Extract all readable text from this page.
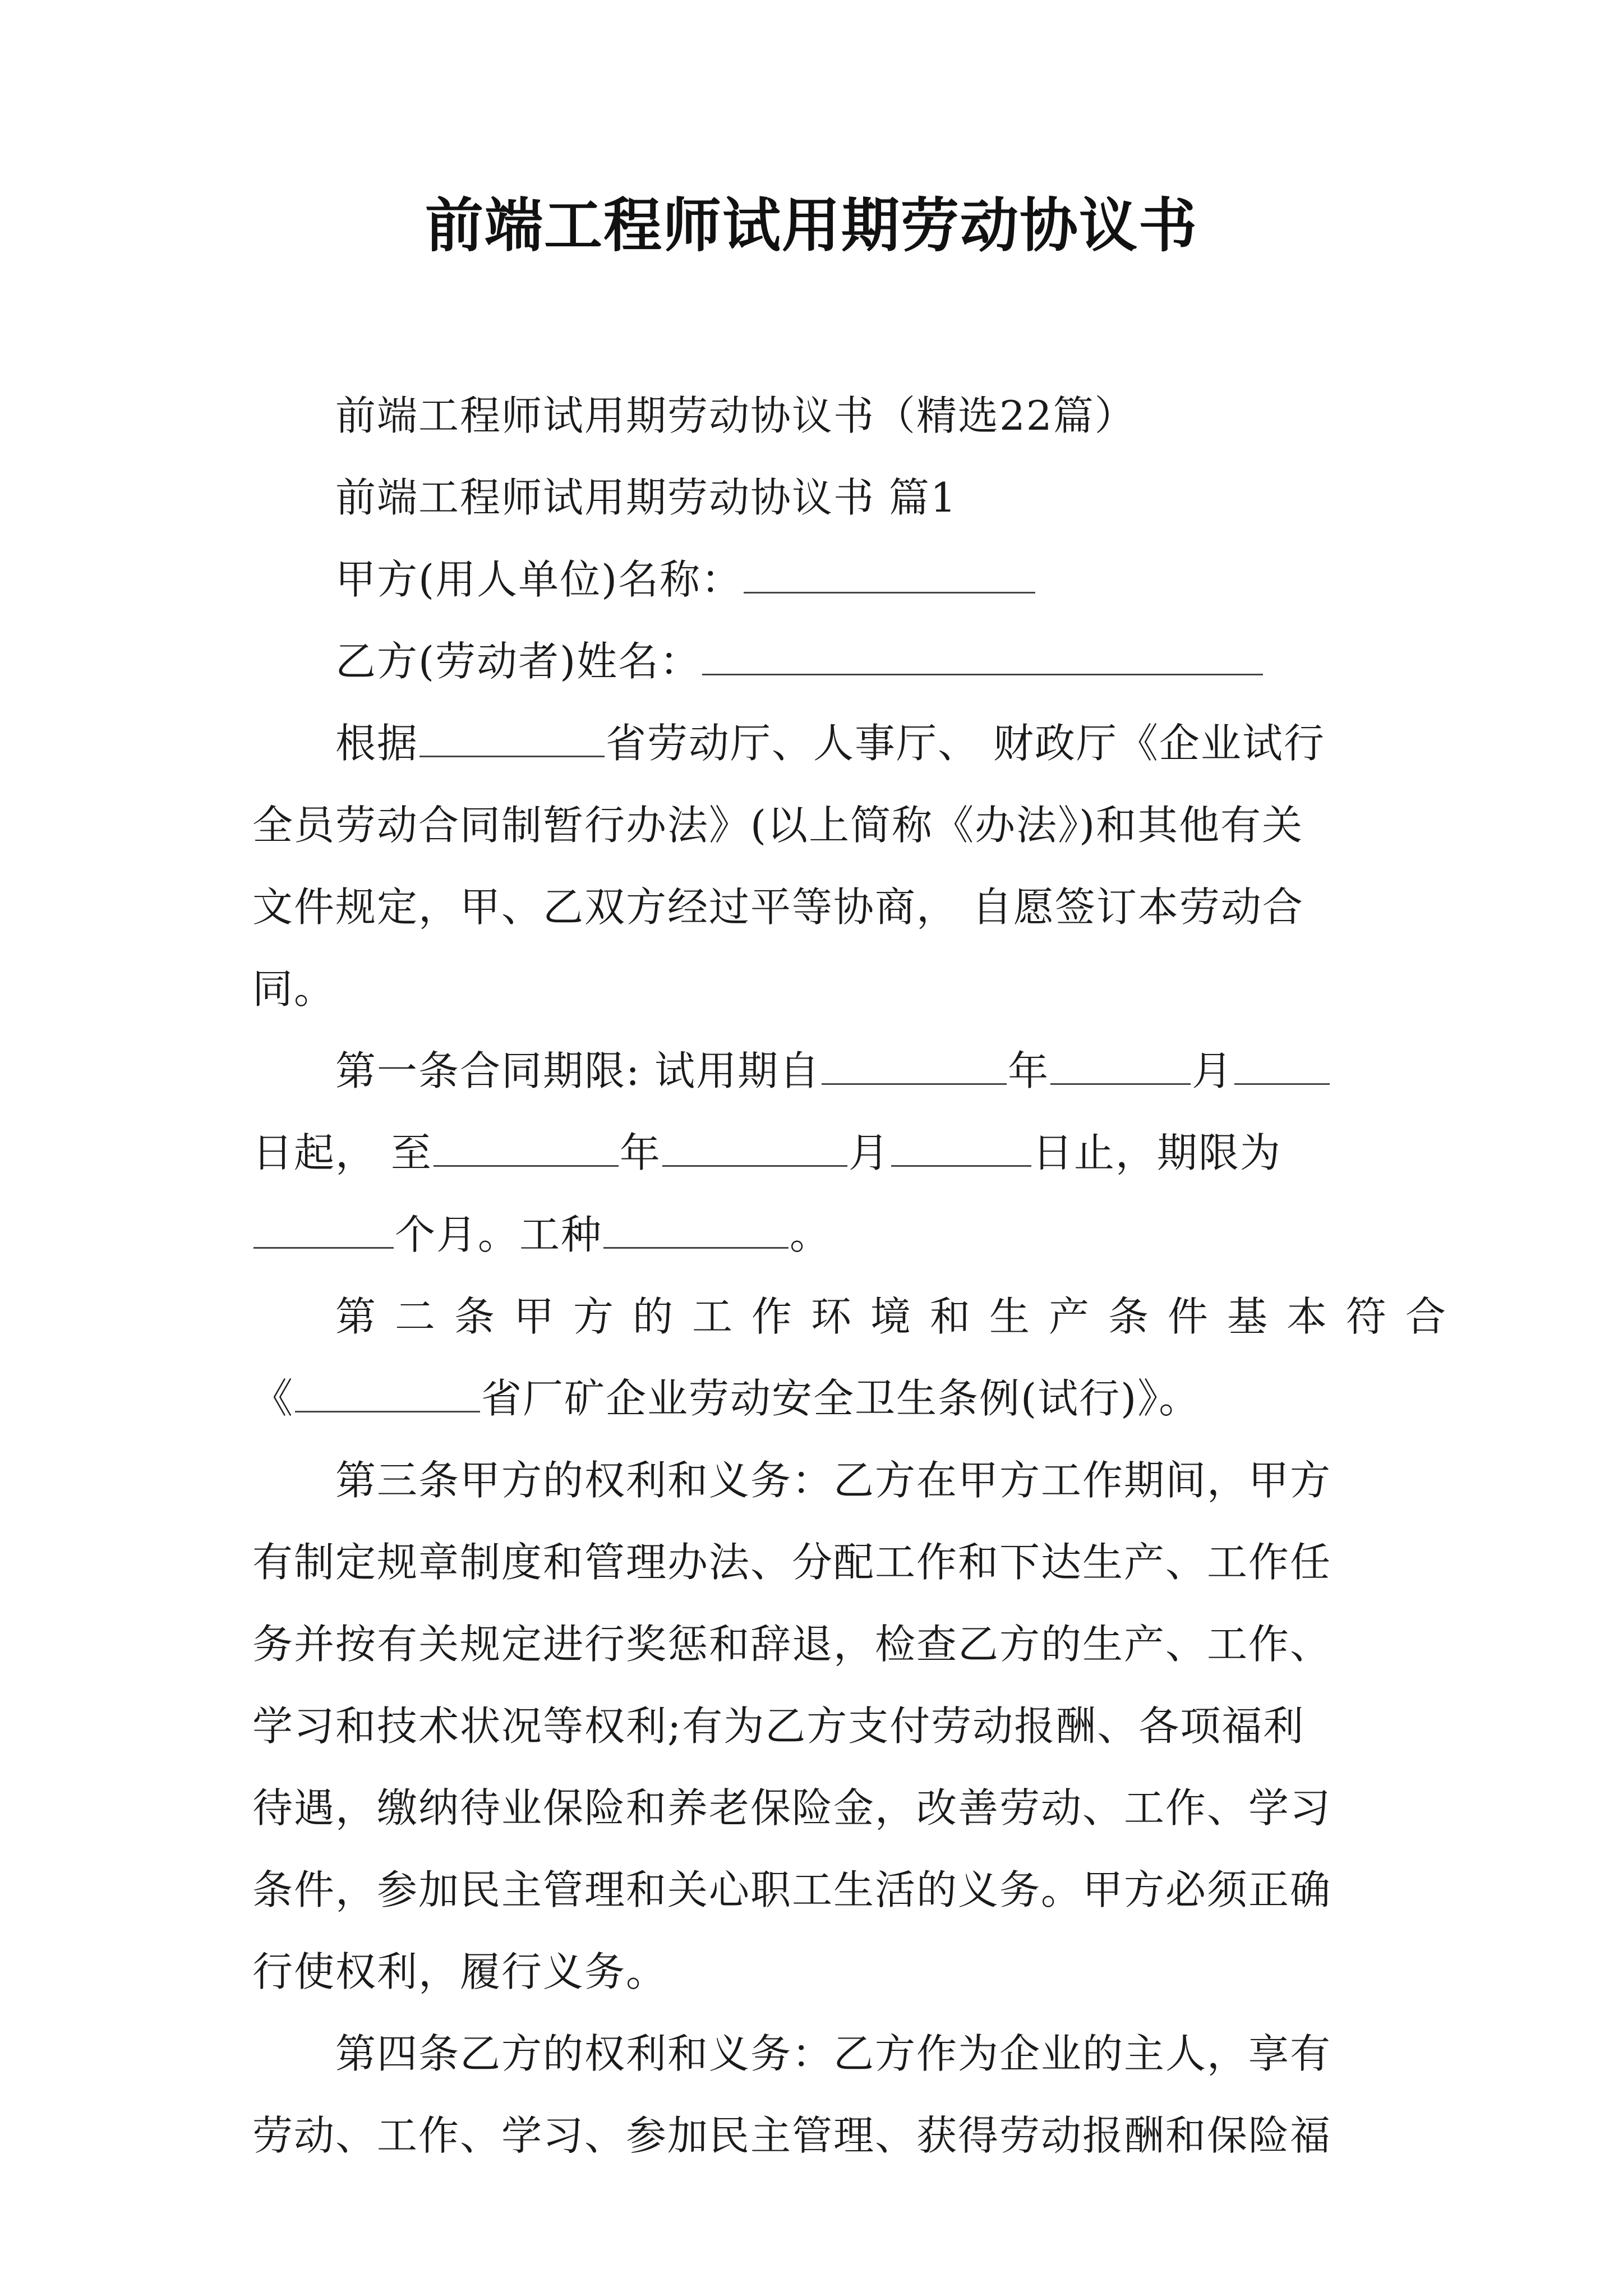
前端工程师试用期劳动协议书
前端工程师试用期劳动协议书（精选22篇）
前端工程师试用期劳动协议书 篇1
甲方(用人单位)名称：
乙方(劳动者)姓名：
根据	省劳动厅、人事厅、 财政厅《企业试行
全员劳动合同制暂行办法》(以上简称《办法》)和其他有关
文件规定，甲、乙双方经过平等协商， 自愿签订本劳动合
同。
第一条合同期限: 试用期自	年	月
日起， 至	年	月	日止，期限为
个月。工种	。
第二条甲方的工作环境和生产条件基本符合
《	省厂矿企业劳动安全卫生条例(试行)》。
第三条甲方的权利和义务：乙方在甲方工作期间，甲方
有制定规章制度和管理办法、分配工作和下达生产、工作任
务并按有关规定进行奖惩和辞退，检查乙方的生产、工作、
学习和技术状况等权利;有为乙方支付劳动报酬、各项福利
待遇，缴纳待业保险和养老保险金，改善劳动、工作、学习
条件，参加民主管理和关心职工生活的义务。甲方必须正确
行使权利，履行义务。
第四条乙方的权利和义务：乙方作为企业的主人，享有
劳动、工作、学习、参加民主管理、获得劳动报酬和保险福
